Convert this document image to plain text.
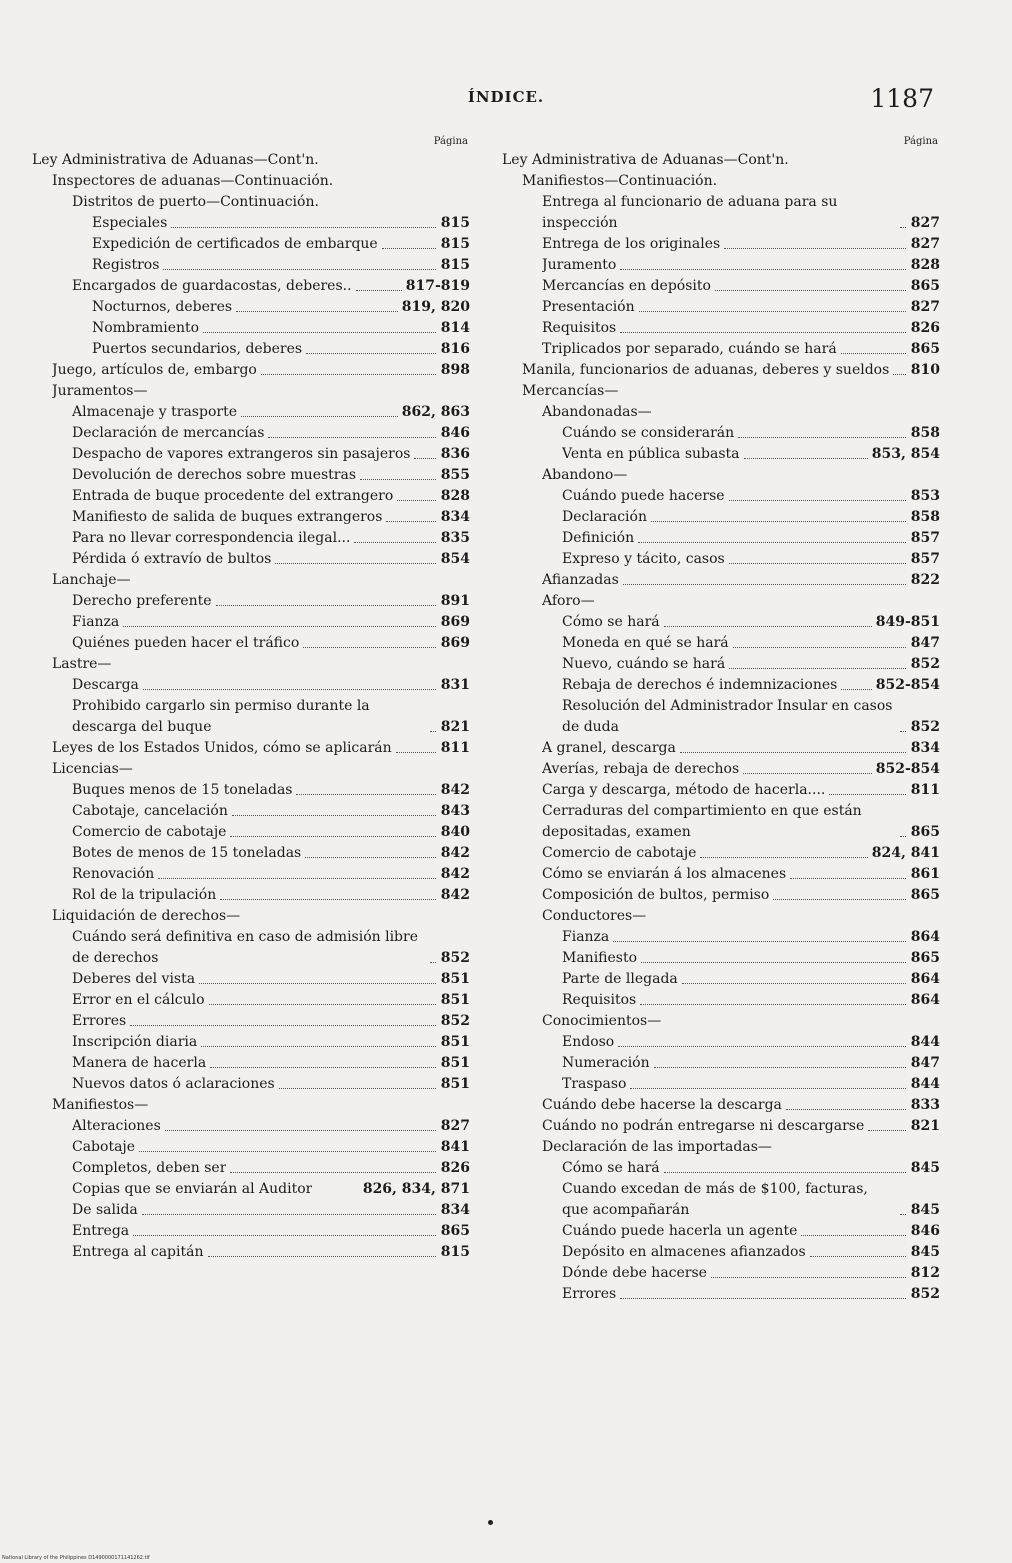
ÍNDICE.	1187
Página
Ley Administrativa de Aduanas—Cont'n.
Inspectores de aduanas—Continuación.
Distritos de puerto—Continuación.
Especiales	815
Expedición de certificados de embarque	815
Registros	815
Encargados de guardacostas, deberes..	817-819
Nocturnos, deberes	819, 820
Nombramiento	814
Puertos secundarios, deberes	816
Juego, artículos de, embargo	898
Juramentos—
Almacenaje y trasporte	862, 863
Declaración de mercancías	846
Despacho de vapores extrangeros sin pasajeros 836
Devolución de derechos sobre muestras	855
Entrada de buque procedente del extrangero	828
Manifiesto de salida de buques extrangeros	834
Para no llevar correspondencia ilegal...	835
Pérdida ó extravío de bultos	854
Lanchaje—
Derecho preferente	891
Fianza	869
Quiénes pueden hacer el tráfico	869
Lastre—
Descarga	831
Prohibido cargarlo sin permiso durante la descarga del buque	821
Leyes de los Estados Unidos, cómo se aplicarán	811
Licencias—
Buques menos de 15 toneladas	842
Cabotaje, cancelación	843
Comercio de cabotaje	840
Botes de menos de 15 toneladas	842
Renovación	842
Rol de la tripulación	842
Liquidación de derechos—
Cuándo será definitiva en caso de admisión libre de derechos	852
Deberes del vista	851
Error en el cálculo	851
Errores	852
Inscripción diaria	851
Manera de hacerla	851
Nuevos datos ó aclaraciones	851
Manifiestos—
Alteraciones	827
Cabotaje	841
Completos, deben ser	826
Copias que se enviarán al Auditor	826, 834, 871
De salida	834
Entrega	865
Entrega al capitán	815
Página
Ley Administrativa de Aduanas—Cont'n.
Manifiestos—Continuación.
Entrega al funcionario de aduana para su inspección	827
Entrega de los originales	827
Juramento	828
Mercancías en depósito	865
Presentación	827
Requisitos	826
Triplicados por separado, cuándo se hará	865
Manila, funcionarios de aduanas, deberes y sueldos 810
Mercancías—
Abandonadas—
Cuándo se considerarán	858
Venta en pública subasta	853, 854
Abandono—
Cuándo puede hacerse	853
Declaración	858
Definición	857
Expreso y tácito, casos	857
Afianzadas	822
Aforo—
Cómo se hará	849-851
Moneda en qué se hará	847
Nuevo, cuándo se hará	852
Rebaja de derechos é indemnizaciones	852-854
Resolución del Administrador Insular en casos de duda	852
A granel, descarga	834
Averías, rebaja de derechos	852-854
Carga y descarga, método de hacerla....	811
Cerraduras del compartimiento en que están depositadas, examen	865
Comercio de cabotaje	824, 841
Cómo se enviarán á los almacenes	861
Composición de bultos, permiso	865
Conductores—
Fianza	864
Manifiesto	865
Parte de llegada	864
Requisitos	864
Conocimientos—
Endoso	844
Numeración	847
Traspaso	844
Cuándo debe hacerse la descarga	833
Cuándo no podrán entregarse ni descargarse	821
Declaración de las importadas—
Cómo se hará	845
Cuando excedan de más de $100, facturas, que acompañarán	845
Cuándo puede hacerla un agente	846
Depósito en almacenes afianzados	845
Dónde debe hacerse	812
Errores	852
National Library of the Philippines D1490000171141262.tif
